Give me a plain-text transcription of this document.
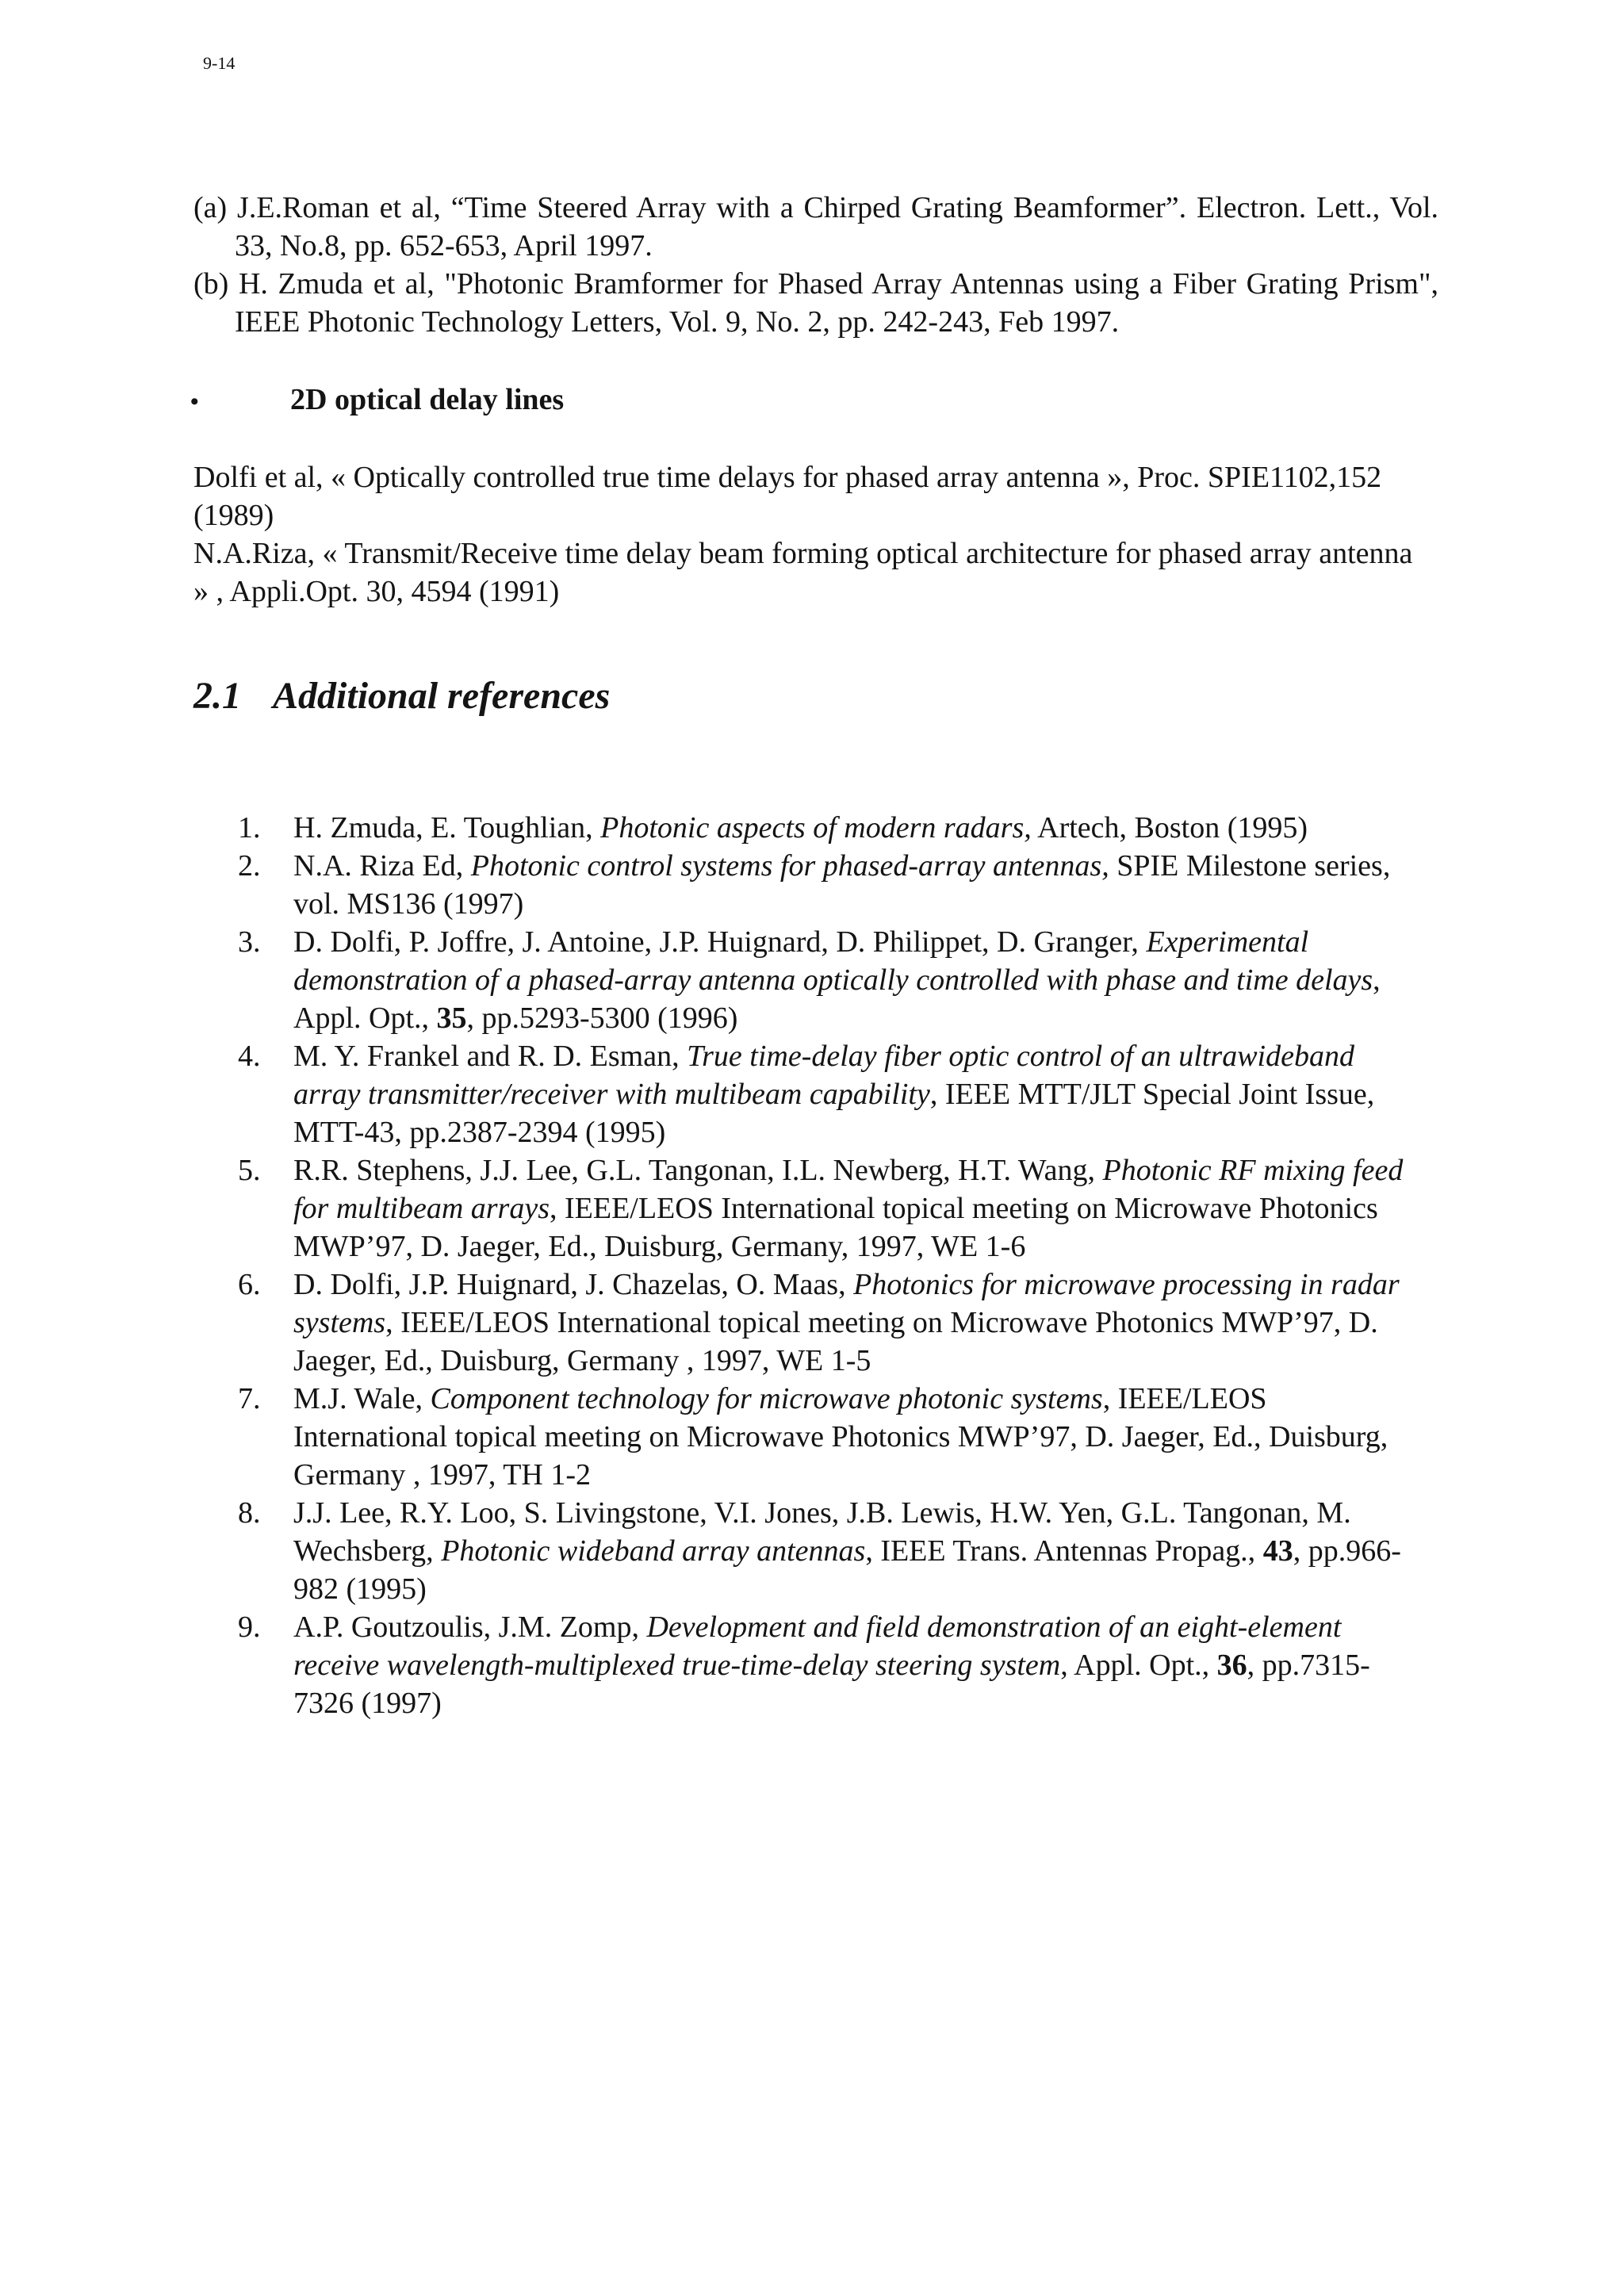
9-14
(a) J.E.Roman et al, “Time Steered Array with a Chirped Grating Beamformer”. Electron. Lett., Vol. 33, No.8, pp. 652-653, April 1997.
(b) H. Zmuda et al, "Photonic Bramformer for Phased Array Antennas using a Fiber Grating Prism", IEEE Photonic Technology Letters, Vol. 9, No. 2, pp. 242-243, Feb 1997.
•	2D optical delay lines

Dolfi et al, « Optically controlled true time delays for phased array antenna », Proc. SPIE1102,152 (1989)

N.A.Riza, « Transmit/Receive time delay beam forming optical architecture for phased array antenna » , Appli.Opt. 30, 4594 (1991)

2.1 Additional references
1. H. Zmuda, E. Toughlian, Photonic aspects of modern radars, Artech, Boston (1995)
2. N.A. Riza Ed, Photonic control systems for phased-array antennas, SPIE Milestone series, vol. MS136 (1997)
3. D. Dolfi, P. Joffre, J. Antoine, J.P. Huignard, D. Philippet, D. Granger, Experimental demonstration of a phased-array antenna optically controlled with phase and time delays, Appl. Opt., 35, pp.5293-5300 (1996)
4. M. Y. Frankel and R. D. Esman, True time-delay fiber optic control of an ultrawideband array transmitter/receiver with multibeam capability, IEEE MTT/JLT Special Joint Issue, MTT-43, pp.2387-2394 (1995)
5. R.R. Stephens, J.J. Lee, G.L. Tangonan, I.L. Newberg, H.T. Wang, Photonic RF mixing feed for multibeam arrays, IEEE/LEOS International topical meeting on Microwave Photonics MWP’97, D. Jaeger, Ed., Duisburg, Germany, 1997, WE 1-6
6. D. Dolfi, J.P. Huignard, J. Chazelas, O. Maas, Photonics for microwave processing in radar systems, IEEE/LEOS International topical meeting on Microwave Photonics MWP’97, D. Jaeger, Ed., Duisburg, Germany , 1997, WE 1-5
7. M.J. Wale, Component technology for microwave photonic systems, IEEE/LEOS International topical meeting on Microwave Photonics MWP’97, D. Jaeger, Ed., Duisburg, Germany , 1997, TH 1-2
8. J.J. Lee, R.Y. Loo, S. Livingstone, V.I. Jones, J.B. Lewis, H.W. Yen, G.L. Tangonan, M. Wechsberg, Photonic wideband array antennas, IEEE Trans. Antennas Propag., 43, pp.966-982 (1995)
9. A.P. Goutzoulis, J.M. Zomp, Development and field demonstration of an eight-element receive wavelength-multiplexed true-time-delay steering system, Appl. Opt., 36, pp.7315-7326 (1997)
